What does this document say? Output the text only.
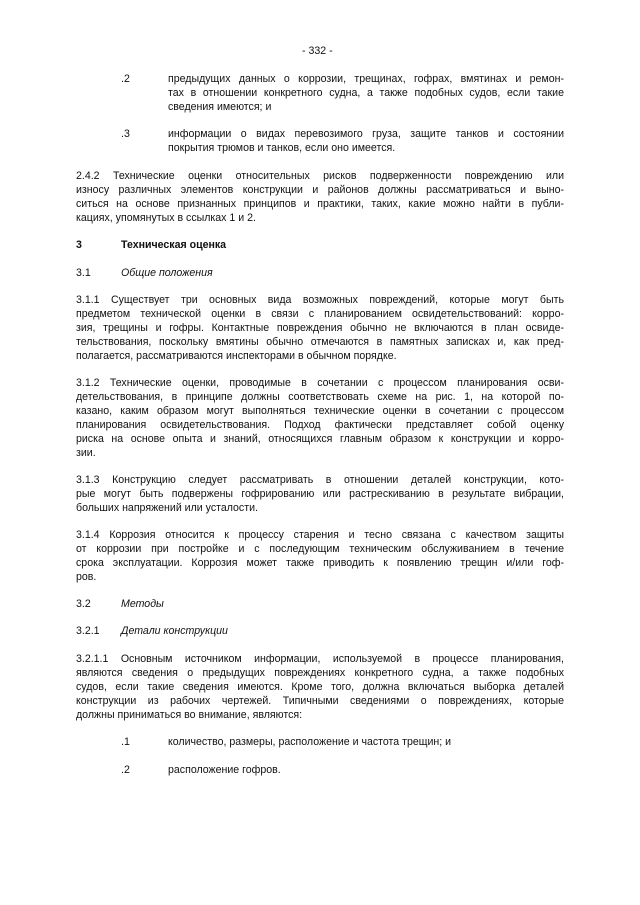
- 332 -
.2	предыдущих данных о коррозии, трещинах, гофрах, вмятинах и ремон-
тах в отношении конкретного судна, а также подобных судов, если такие
сведения имеются; и
.3	информации о видах перевозимого груза, защите танков и состоянии
покрытия трюмов и танков, если оно имеется.
2.4.2 Технические оценки относительных рисков подверженности повреждению или
износу различных элементов конструкции и районов должны рассматриваться и выно-
ситься на основе признанных принципов и практики, таких, какие можно найти в публи-
кациях, упомянутых в ссылках 1 и 2.
3	Техническая оценка
3.1	Общие положения
3.1.1 Существует три основных вида возможных повреждений, которые могут быть
предметом технической оценки в связи с планированием освидетельствований: корро-
зия, трещины и гофры. Контактные повреждения обычно не включаются в план освиде-
тельствования, поскольку вмятины обычно отмечаются в памятных записках и, как пред-
полагается, рассматриваются инспекторами в обычном порядке.
3.1.2 Технические оценки, проводимые в сочетании с процессом планирования осви-
детельствования, в принципе должны соответствовать схеме на рис. 1, на которой по-
казано, каким образом могут выполняться технические оценки в сочетании с процессом
планирования освидетельствования. Подход фактически представляет собой оценку
риска на основе опыта и знаний, относящихся главным образом к конструкции и корро-
зии.
3.1.3 Конструкцию следует рассматривать в отношении деталей конструкции, кото-
рые могут быть подвержены гофрированию или растрескиванию в результате вибрации,
больших напряжений или усталости.
3.1.4 Коррозия относится к процессу старения и тесно связана с качеством защиты
от коррозии при постройке и с последующим техническим обслуживанием в течение
срока эксплуатации. Коррозия может также приводить к появлению трещин и/или гоф-
ров.
3.2	Методы
3.2.1 Детали конструкции
3.2.1.1 Основным источником информации, используемой в процессе планирования,
являются сведения о предыдущих повреждениях конкретного судна, а также подобных
судов, если такие сведения имеются. Кроме того, должна включаться выборка деталей
конструкции из рабочих чертежей. Типичными сведениями о повреждениях, которые
должны приниматься во внимание, являются:
.1	количество, размеры, расположение и частота трещин; и
.2	расположение гофров.
